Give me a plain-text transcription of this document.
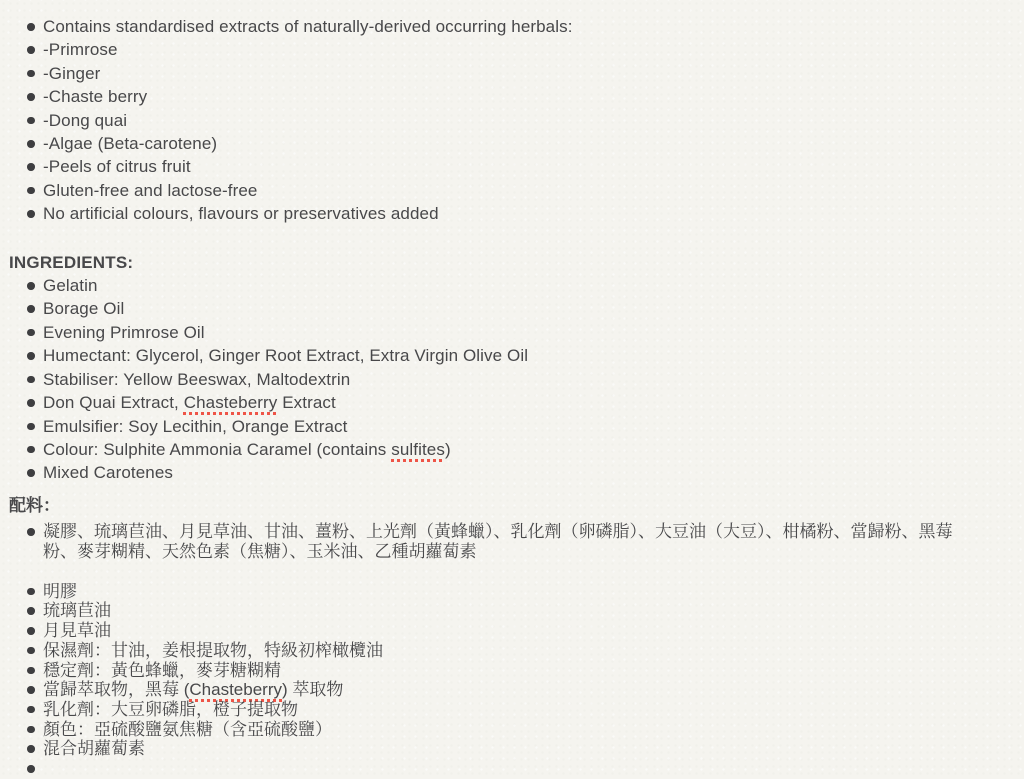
Contains standardised extracts of naturally-derived occurring herbals:
-Primrose
-Ginger
-Chaste berry
-Dong quai
-Algae (Beta-carotene)
-Peels of citrus fruit
Gluten-free and lactose-free
No artificial colours, flavours or preservatives added
INGREDIENTS:
Gelatin
Borage Oil
Evening Primrose Oil
Humectant: Glycerol, Ginger Root Extract, Extra Virgin Olive Oil
Stabiliser: Yellow Beeswax, Maltodextrin
Don Quai Extract, Chasteberry Extract
Emulsifier: Soy Lecithin, Orange Extract
Colour: Sulphite Ammonia Caramel (contains sulfites)
Mixed Carotenes
配料：
凝膠、琉璃苣油、月見草油、甘油、薑粉、上光劑（黃蜂蠟）、乳化劑（卵磷脂）、大豆油（大豆）、柑橘粉、當歸粉、黑莓粉、麥芽糊精、天然色素（焦糖）、玉米油、乙種胡蘿蔔素
明膠
琉璃苣油
月見草油
保濕劑：甘油，姜根提取物，特級初榨橄欖油
穩定劑：黃色蜂蠟，麥芽糖糊精
當歸萃取物，黑莓 (Chasteberry) 萃取物
乳化劑：大豆卵磷脂，橙子提取物
顏色：亞硫酸鹽氨焦糖（含亞硫酸鹽）
混合胡蘿蔔素
